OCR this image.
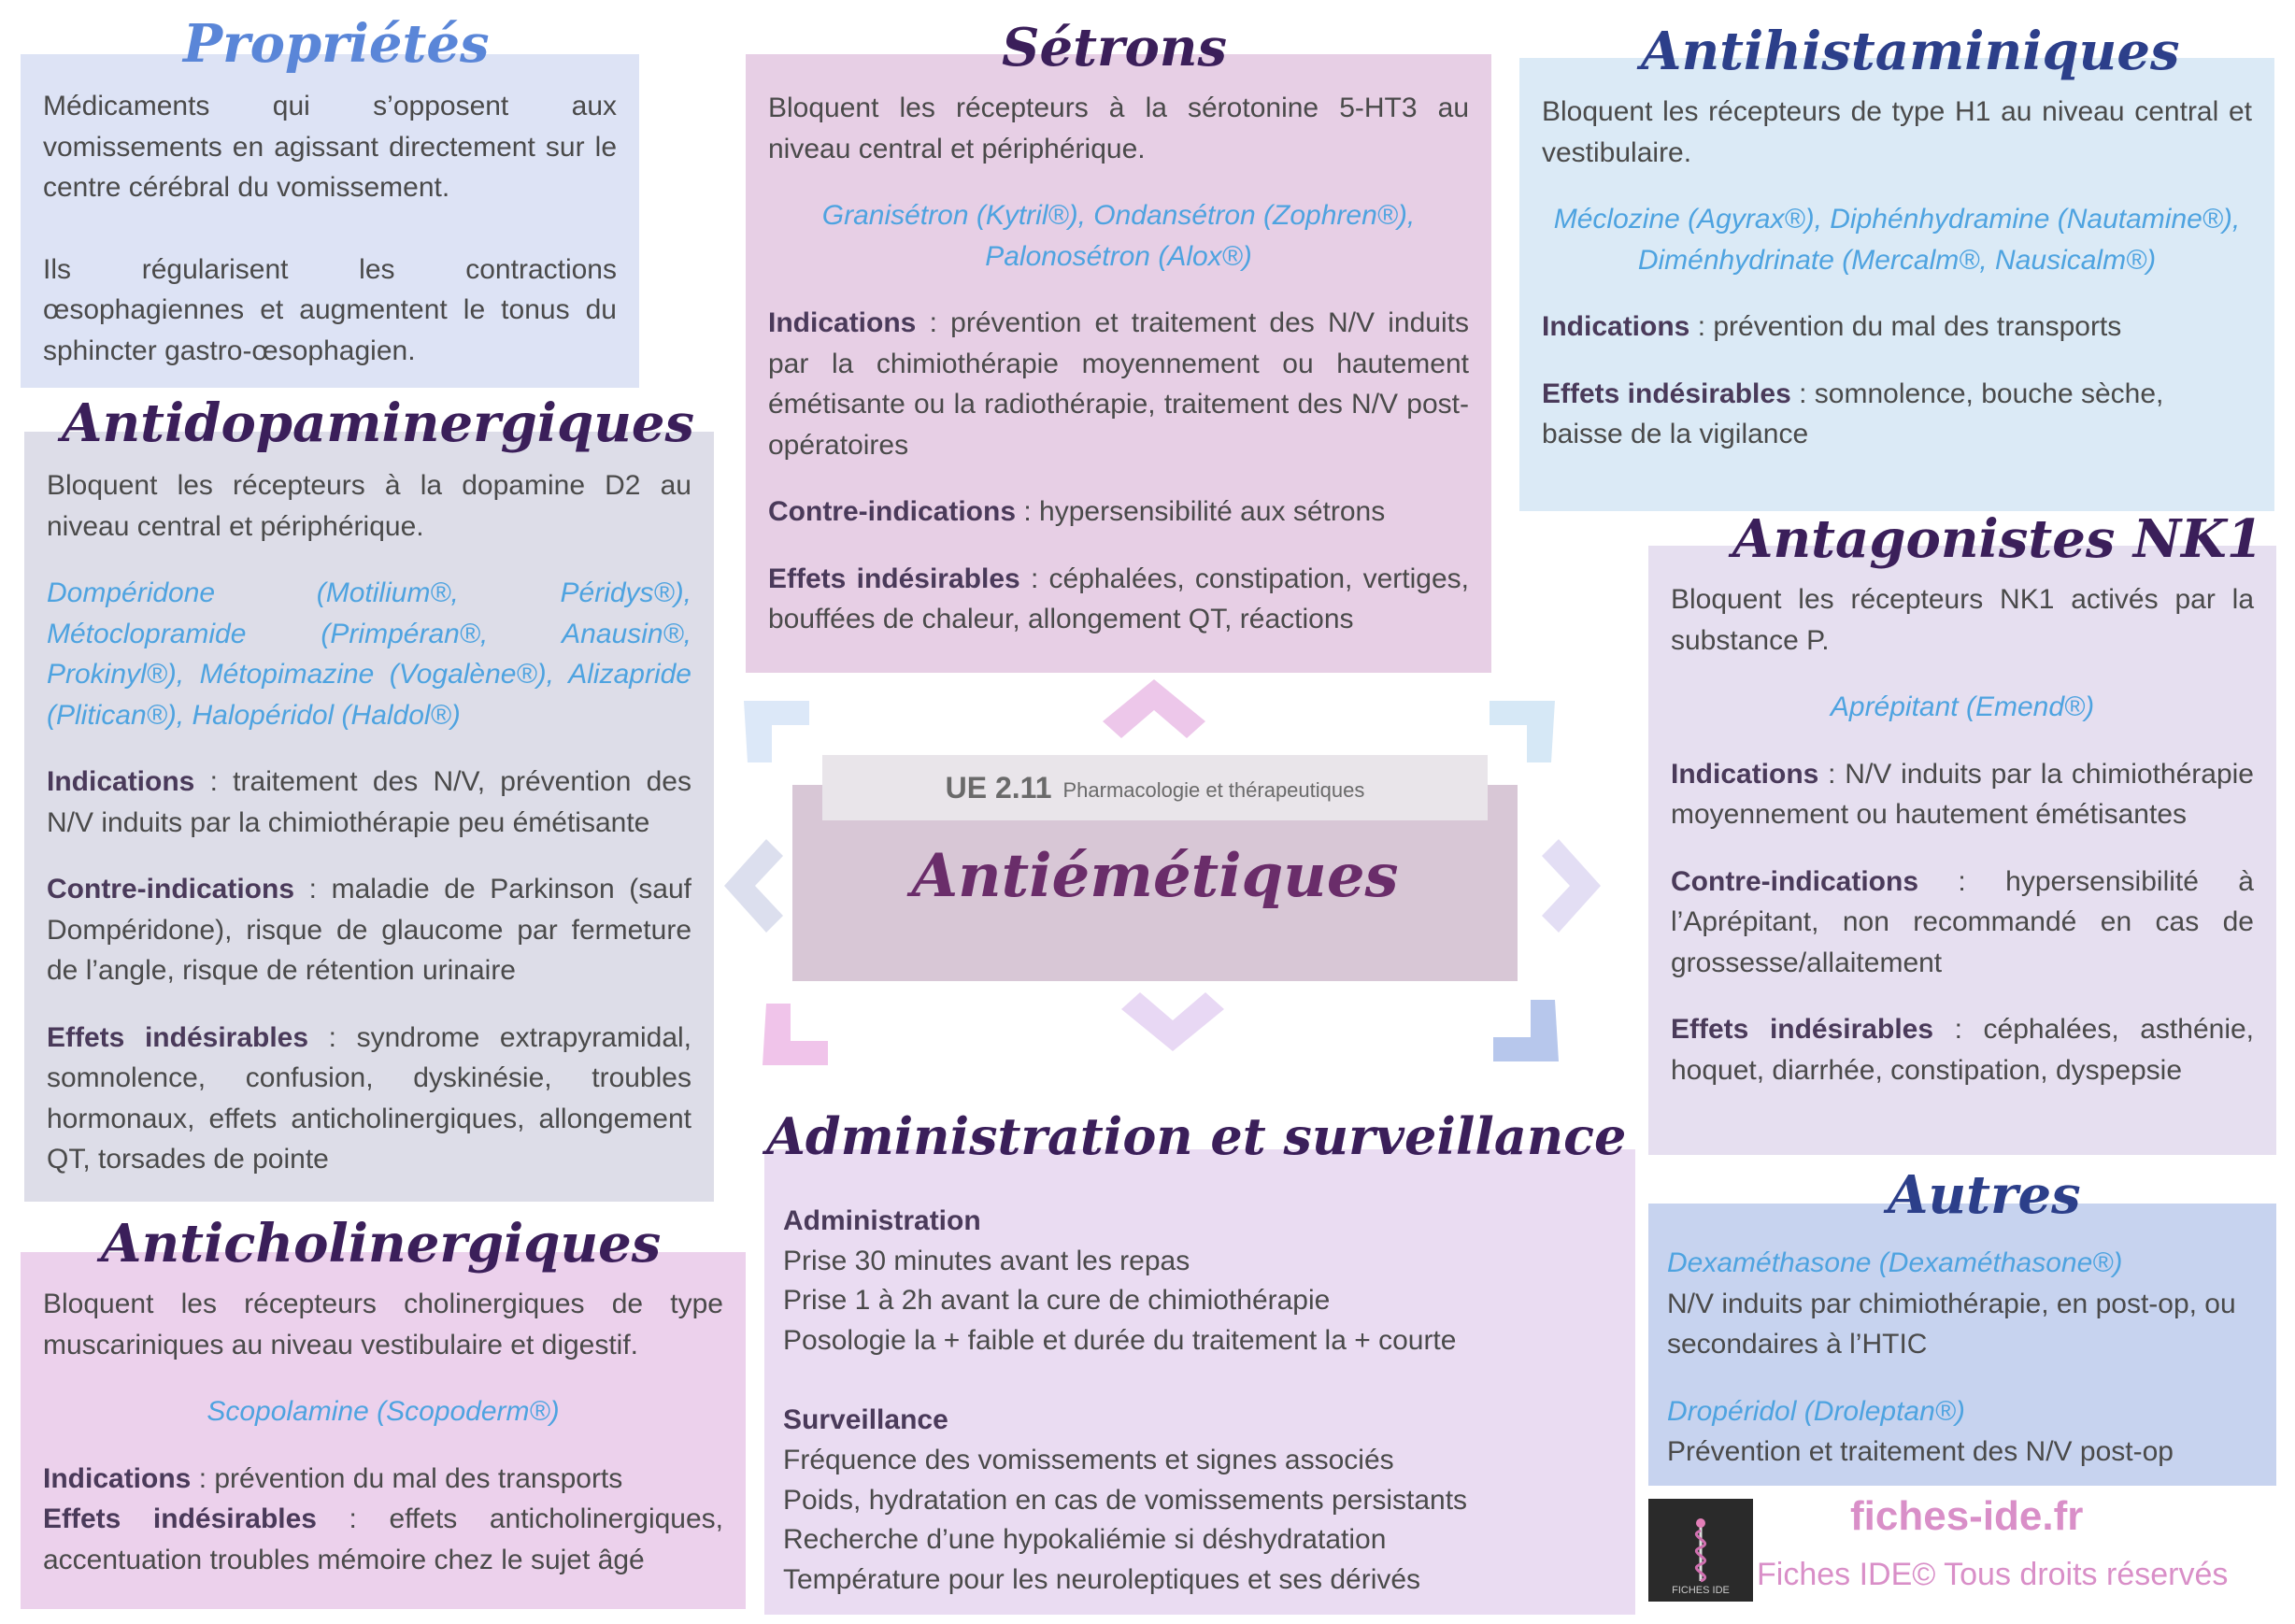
Médicaments qui s’opposent aux vomissements en agissant directement sur le centre cérébral du vomissement.

Ils régularisent les contractions œsophagiennes et augmentent le tonus du sphincter gastro-œsophagien.

Propriétés

Bloquent les récepteurs à la sérotonine 5-HT3 au niveau central et périphérique.

Granisétron (Kytril®), Ondansétron (Zophren®), Palonosétron (Alox®)

Indications : prévention et traitement des N/V induits par la chimiothérapie moyennement ou hautement émétisante ou la radiothérapie, traitement des N/V post-opératoires

Contre-indications : hypersensibilité aux sétrons

Effets indésirables : céphalées, constipation, vertiges, bouffées de chaleur, allongement QT, réactions

Sétrons

Bloquent les récepteurs de type H1 au niveau central et vestibulaire.

Méclozine (Agyrax®), Diphénhydramine (Nautamine®), Diménhydrinate (Mercalm®, Nausicalm®)

Indications : prévention du mal des transports

Effets indésirables : somnolence, bouche sèche, baisse de la vigilance

Antihistaminiques

Bloquent les récepteurs à la dopamine D2 au niveau central et périphérique.

Dompéridone (Motilium®, Péridys®), Métoclopramide (Primpéran®, Anausin®, Prokinyl®), Métopimazine (Vogalène®), Alizapride (Plitican®), Halopéridol (Haldol®)

Indications : traitement des N/V, prévention des N/V induits par la chimiothérapie peu émétisante

Contre-indications : maladie de Parkinson (sauf Dompéridone), risque de glaucome par fermeture de l’angle, risque de rétention urinaire

Effets indésirables : syndrome extrapyramidal, somnolence, confusion, dyskinésie, troubles hormonaux, effets anticholinergiques, allongement QT, torsades de pointe

Antidopaminergiques

Bloquent les récepteurs NK1 activés par la substance P.

Aprépitant (Emend®)

Indications : N/V induits par la chimiothérapie moyennement ou hautement émétisantes

Contre-indications : hypersensibilité à l’Aprépitant, non recommandé en cas de grossesse/allaitement

Effets indésirables : céphalées, asthénie, hoquet, diarrhée, constipation, dyspepsie

Antagonistes NK1

Bloquent les récepteurs cholinergiques de type muscariniques au niveau vestibulaire et digestif.

Scopolamine (Scopoderm®)

Indications : prévention du mal des transports

Effets indésirables : effets anticholinergiques, accentuation troubles mémoire chez le sujet âgé

Anticholinergiques
UE 2.11 Pharmacologie et thérapeutiques
Antiémétiques
Administration
Prise 30 minutes avant les repas
Prise 1 à 2h avant la cure de chimiothérapie
Posologie la + faible et durée du traitement la + courte
Surveillance
Fréquence des vomissements et signes associés
Poids, hydratation en cas de vomissements persistants
Recherche d’une hypokaliémie si déshydratation
Température pour les neuroleptiques et ses dérivés
Administration et surveillance
Dexaméthasone (Dexaméthasone®)
N/V induits par chimiothérapie, en post-op, ou secondaires à l’HTIC
Dropéridol (Droleptan®)
Prévention et traitement des N/V post-op
Autres
FICHES IDE
fiches-ide.fr
Fiches IDE© Tous droits réservés
